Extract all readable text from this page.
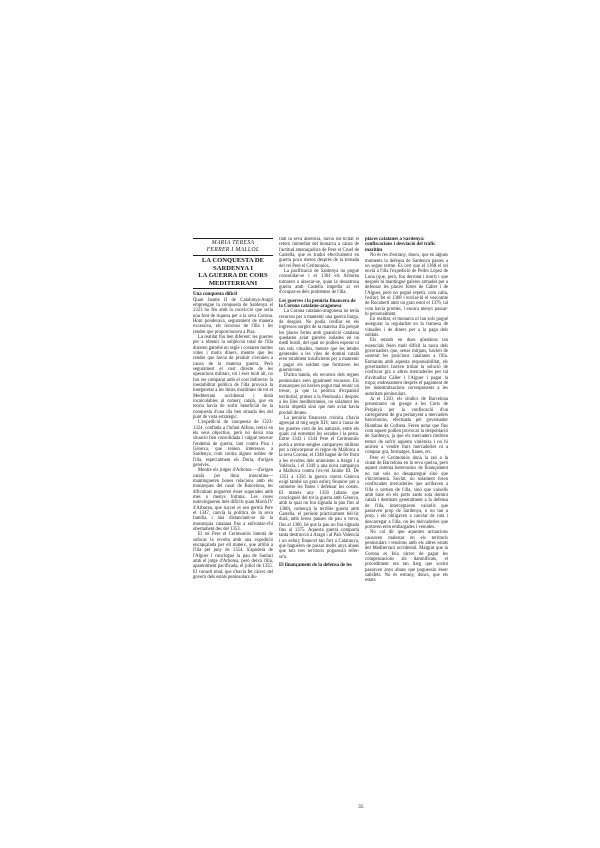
MARIA TERESA
FERRER I MALLOL
LA CONQUESTA DE
SARDENYA I
LA GUERRA DE CORS
MEDITERRANI
Una conquesta difícil

Quan Jaume II de Catalunya-Aragó emprengué la conquesta de Sardenya el 1323 ho féu amb la convicció que seria una font de riquesa per a la seva Corona. Hom ponderava, segurament de manera excessiva, els recursos de l'illa i les rendes que proporcionava a Pisa.

La realitat fou ben diferent: les guerres per a obtenir la subjecció total de l'illa duraren gairebé un segle i costaren moltes vides i molts diners, mentre que les rendes que havia de produir s'esvaïen a causa de la mateixa guerra. Però seguramest el cost directe de les operacions militars, tot i éser molt alt, no fou res comparat amb el cost indirecte: la inestabilitat política de l'illa provocà la inseguretat a les línies marítimes de tot el Mediterrani occidental i donà incalculables al comerç català, que en teoria havia de sortir beneficiat de la conquesta d'una illa ben situada des del punt de vista estratègic.

L'expedició de conquesta de 1323-1324, confiada a l'infant Alfons, reeixí en els seus objectius, però no deixà una situació ben consolidada i calgué renovar l'endemà de guerra, tant contra Pisa i Gènova, que tenien interessos a Sardenya, com contra alguns nobles de l'illa, especialment els Doria, d'origen genovès.

Mentre els jutges d'Arborea —d'origen català per línia masculina— mantingueren bones relacions amb els monarques del casal de Barcelona, les dificultats pogueren ésser superades amb més o menys fortuna. Les coses esdevingueren més difícils quan Marià IV d'Arborea, que succeí el seu germà Pere el 1347, canvià la política de la seva família i anà distanciant-se de la monarquia catalana fins a enfrontar-s'hi obertament des del 1353.

El rei Pere el Cerimoniós intentà de sufocar la revolta amb una expedició encapçalada per ell mateix, que arribà a l'illa pel juny de 1354. S'apoderà de l'Alguer i conclogué la pau de Sanluri amb el jutge d'Arborea, però deixà l'illa, aparentment pacificada, el juliol de 1355. El consell reial, que s'havia fet càrrec del govern dels estats peninsulars du-

rant la seva absència, havia sol·licitat el retorn immediat del monarca a causa de l'actitud amenaçadora de Pere el Cruel de Castella, que es traduí efectivament en guerra poco mesos després de la tornada del rei Pere el Cerimoniós.

La pacificació de Sardenya no pogué consolidar-se i el 1364 els Arborea tornaren a aixecar-se, quan la desastrosa guerra amb Castella impedia al rei d'ocupar-se dels problemes de l'illa.

Les guerres i la penúria financera de la Corona catalano-aragonesa

La Corona catalano-aragonesa no tenia recursos per a mantenir una guerra llarga, de desgast. No podia confiar en els ingressos sorgits de la mateixa illa perquè les places fortes amb guarnició catalana quedaren aviat gairebé isolades en un medi hostil, del qual no podien esperar ni tan sols vitualles, mentre que les rendes generades a les viles de domini català eren totalment insuficients per a mantenir i pagar els soldats que formaven les guarnicions.

D'altra banda, els recursos dels regnes peninsulars eren igualment escassos. Els monarques no havien pogut mai reunir un tresor, ja que la política d'expansió territorial, primer a la Península i després a les illes mediterrànies, no solament les havia impedit sinó que més aviat havia produït deutes.

La penúria financera crònica s'havia agreujat al mig segle XIV, tant a causa de les guerres com de les naturals, entre els quals cal esmentar les secades i la pesta. Entre 1343 i 1344 Pere el Cerimoniós portà a terme sengles campanyes militars per a reincorporar el regne de Mallorca a la seva Corona; el 1348 hagué de fer front a les revoltes dels unionistes a Aragó i a València, i el 1349 a una nova campanya a Mallorca contra l'ex-rei Jaume III. De 1351 a 1356 la guerra contra Gènova exigí també un gran esforç financer per a sotmetre les flotes i defensar les costes. El mateix any 1356 (abans que concloguès del tot la guerra amb Gènova, amb la qual no fou signada la pau fins al 1360), començà la terrible guerra amb Castella, el període pràcticament bèl·lic durà, amb breus pauses de pau o treva, fins al 1366, bé que la pau no fou signada fins al 1375. Aquesta guerra comportà tanta destrucció a Aragó i al País Valencià i un esforç financer tan fort a Catalunya, que haguéren de passar molts anys abans que tots tres territoris poguessin refer-se'n.

El finançament de la defensa de les
places catalanes a Sardenya: confiscacions i desviació del tràfic marítim

No és res d'estrany, doncs, que en alguns moments la defensa de Sardenya passés a un segon terme. És cert que el 1368 el rei envià a l'illa l'expedició de Pedro López de Luna (que, però, fou derrotat i mort) i que després hi mantingué galeres armades per a defensar les places fortes de Càller i de l'Alguer, però no pogué repetir, com calia, l'esforç fet el 1368 i enviar-hi el vescomte de Rocabertí amb un gran estol el 1376, tal com havia promès, i encara menys passar-hi personalment.

En realitat, el monarca ni tan sols pogué assegurar la regularitat en la tramesa de vitualles i de diners per a la paga dels soldats.

Els retards en dues qüestions tan essencials feien molt difícil la tasca dels governadors que, sense mitjans, havien de sostenir les posicions catalanes a l'illa. Enmarats amb aquesta responsabilitat, els governadors havien trobat la solució de confiscar gra o altres mercaderies per tal d'avituallar Càller i l'Alguer i pagar la tropa; endossament després el pagament de les indemnitzacions corresponents a les autoritats peninsulars.

Ja el 1350, els síndics de Barcelona presentaren un greuge a les Corts de Perpinyà per la confiscació d'un carregament de gra pertanyent a mercaders barcelonins, efectuada pel governador Riambau de Corbera. Feren notar que fins com aquest podien provocar la despoblació de Sardenya, ja que els mercaders tindrien temor de sofrir aquesta violència i no hi anirien a vendre llurs mercaderies ni a comprar gra, formatges, llanes, etc.

Pere el Cerimoniós donà la raó a la ciutat de Barcelona en la seva queixa, però aquest sistema heteroodox de finançament no tan sols no desaparegué sinó que s'incrementà. Sovint, no solament foren confiscades mercaderies que arribaven a l'illa o sortien de l'illa, sinó que vaixells amb base en els ports sards sota domini català i destinats generalment a la defensa de l'illa, interceptaven vaixells que passaven prop de Sardenya, o no tan a prop, i els obligaven a canviar de ruta i descarregar a l'illa, on les mercaderies que portaven eren embargades i venudes.

No cal dir que aquestes actuacions causaven malestar en els territoris peninsulars i tensions amb els altres estats del Mediterrani occidental. Malgrat que la Corona es feia càrrec de pagar les compensacions als damnificats, el procediment era tan llarg que sovint passaven anys abans que poguessin ésser satisfets. No és estrany, doncs, que els estats

35
